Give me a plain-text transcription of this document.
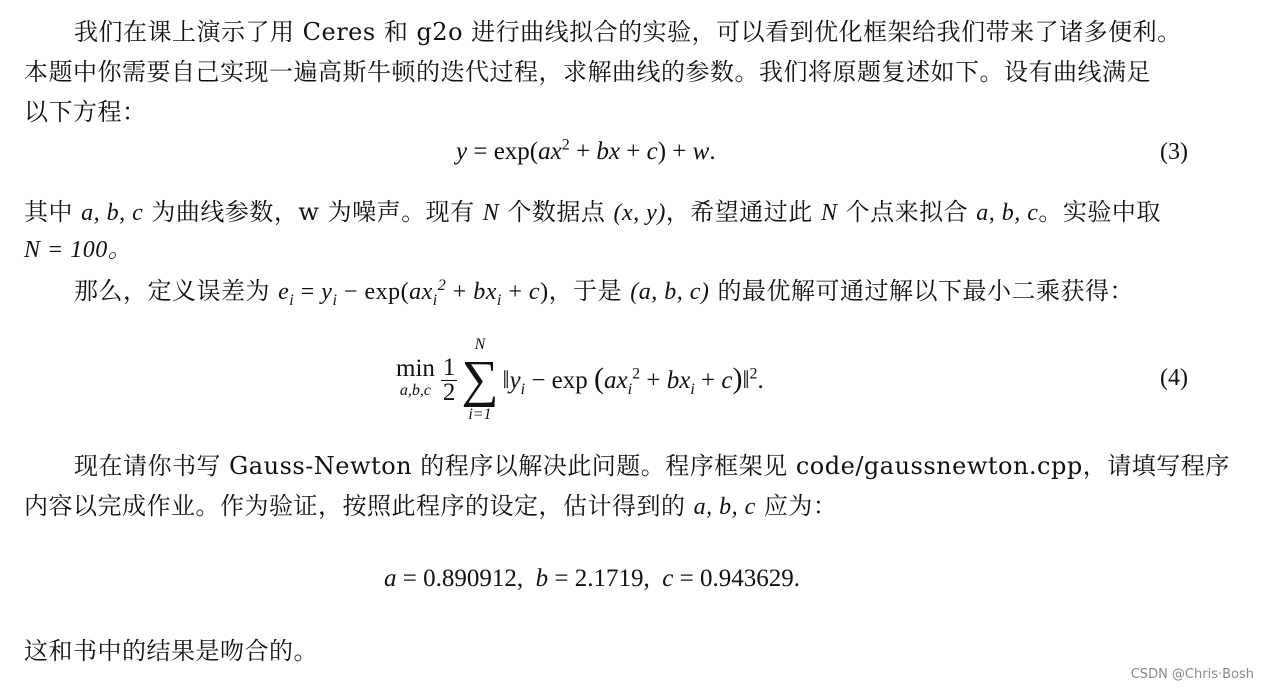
我们在课上演示了用 Ceres 和 g2o 进行曲线拟合的实验，可以看到优化框架给我们带来了诸多便利。
本题中你需要自己实现一遍高斯牛顿的迭代过程，求解曲线的参数。我们将原题复述如下。设有曲线满足
以下方程：
$y = \exp(ax^2$ + bx + c) + w.	(3)
其中 a, b, c 为曲线参数，w 为噪声。现有 N 个数据点 (x, y)，希望通过此 N 个点来拟合 a, b, c。实验中取
N = 100。
那么，定义误差为 $e_i = y_i - \exp(ax_i^2 + bx_i + c)$，于是 (a, b, c) 的最优解可通过解以下最小二乘获得：
min
$a,b,c \frac{1}{2}$
N
∑
i=1
$‖y_i - \exp (ax_i^2 + bx_i$ + c)‖$^2$.	(4)
现在请你书写 Gauss-Newton 的程序以解决此问题。程序框架见 code/gaussnewton.cpp，请填写程序
内容以完成作业。作为验证，按照此程序的设定，估计得到的 a, b, c 应为：
a = 0.890912,  b = 2.1719,  c = 0.943629.
这和书中的结果是吻合的。
CSDN @Chris·Bosh
